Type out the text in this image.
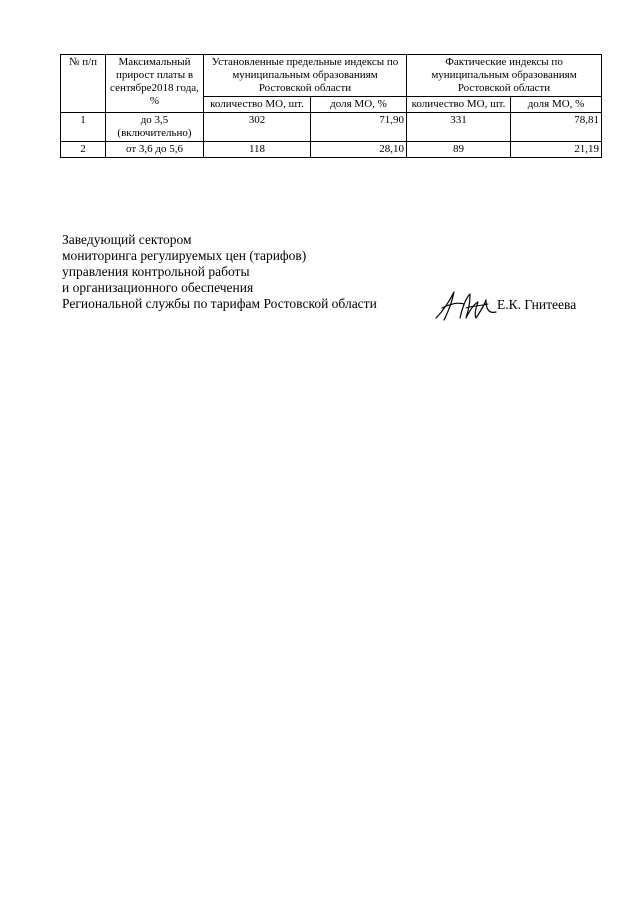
№ п/п	Максимальный прирост платы в сентябре2018 года, %	Установленные предельные индексы по муниципальным образованиям Ростовской области		Фактические индексы по муниципальным образованиям Ростовской области	
		количество МО, шт.	доля МО, %	количество МО, шт.	доля МО, %
1	до 3,5 (включительно)	302	71,90	331	78,81
2	от 3,6 до 5,6	118	28,10	89	21,19
Заведующий сектором
мониторинга регулируемых цен (тарифов)
управления контрольной работы
и организационного обеспечения
Региональной службы по тарифам Ростовской области	Е.К. Гнитеева
